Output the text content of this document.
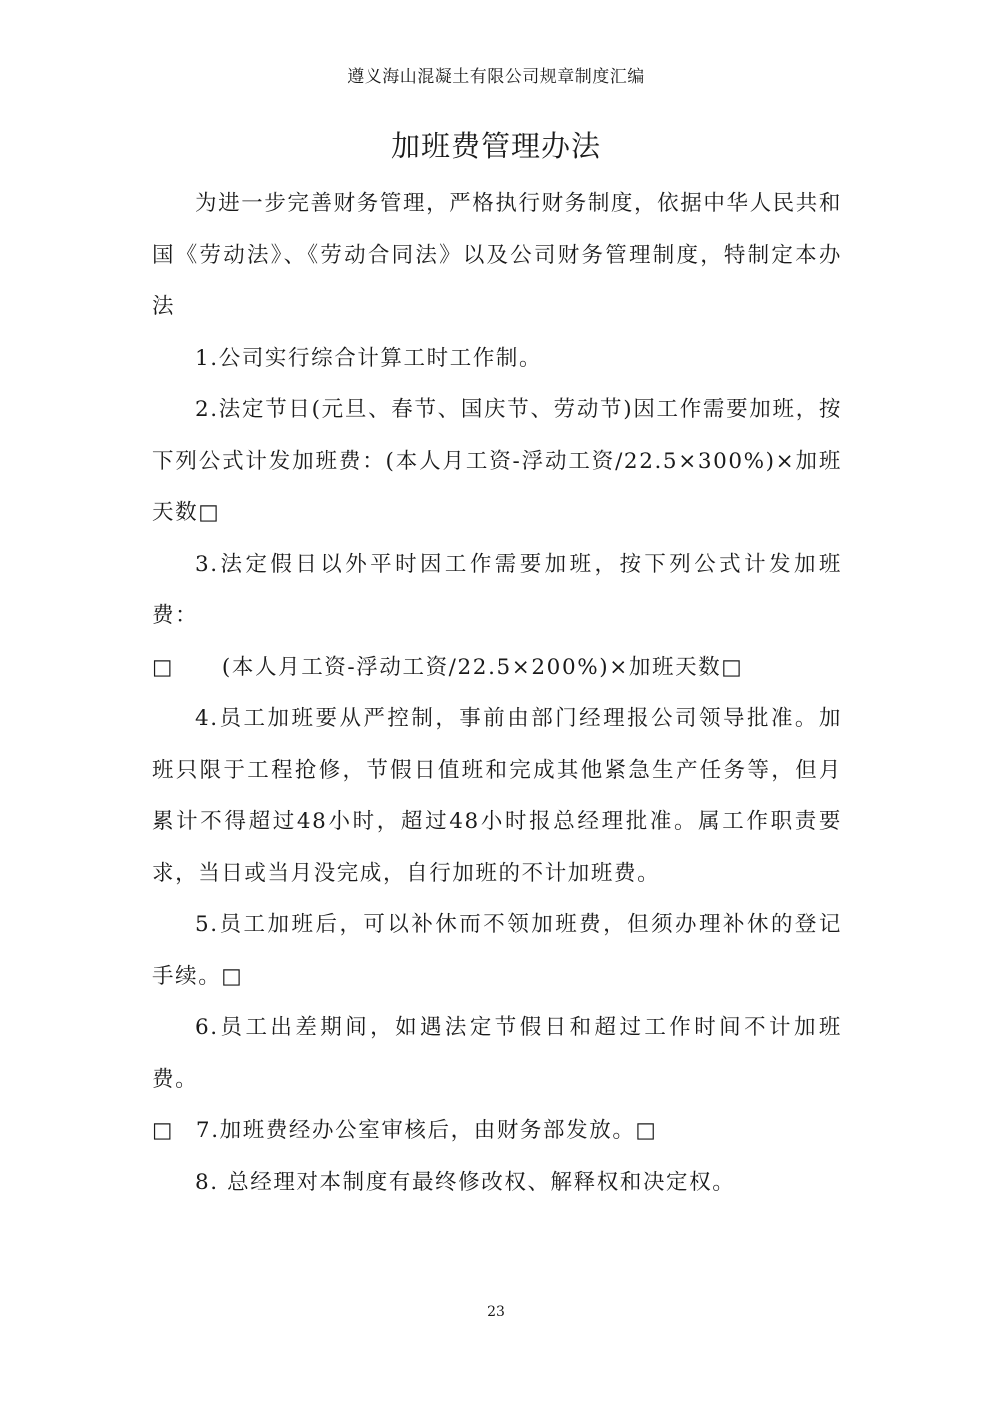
遵义海山混凝土有限公司规章制度汇编
加班费管理办法

为进一步完善财务管理，严格执行财务制度，依据中华人民共和国《劳动法》、《劳动合同法》以及公司财务管理制度，特制定本办法

1.公司实行综合计算工时工作制。

2.法定节日(元旦、春节、国庆节、劳动节)因工作需要加班，按下列公式计发加班费：(本人月工资-浮动工资/22.5×300%)×加班天数□

3.法定假日以外平时因工作需要加班，按下列公式计发加班费：

□ (本人月工资-浮动工资/22.5×200%)×加班天数□

4.员工加班要从严控制，事前由部门经理报公司领导批准。加班只限于工程抢修，节假日值班和完成其他紧急生产任务等，但月累计不得超过48小时，超过48小时报总经理批准。属工作职责要求，当日或当月没完成，自行加班的不计加班费。

5.员工加班后，可以补休而不领加班费，但须办理补休的登记手续。□

6.员工出差期间，如遇法定节假日和超过工作时间不计加班费。

□ 7.加班费经办公室审核后，由财务部发放。□

8. 总经理对本制度有最终修改权、解释权和决定权。

23
